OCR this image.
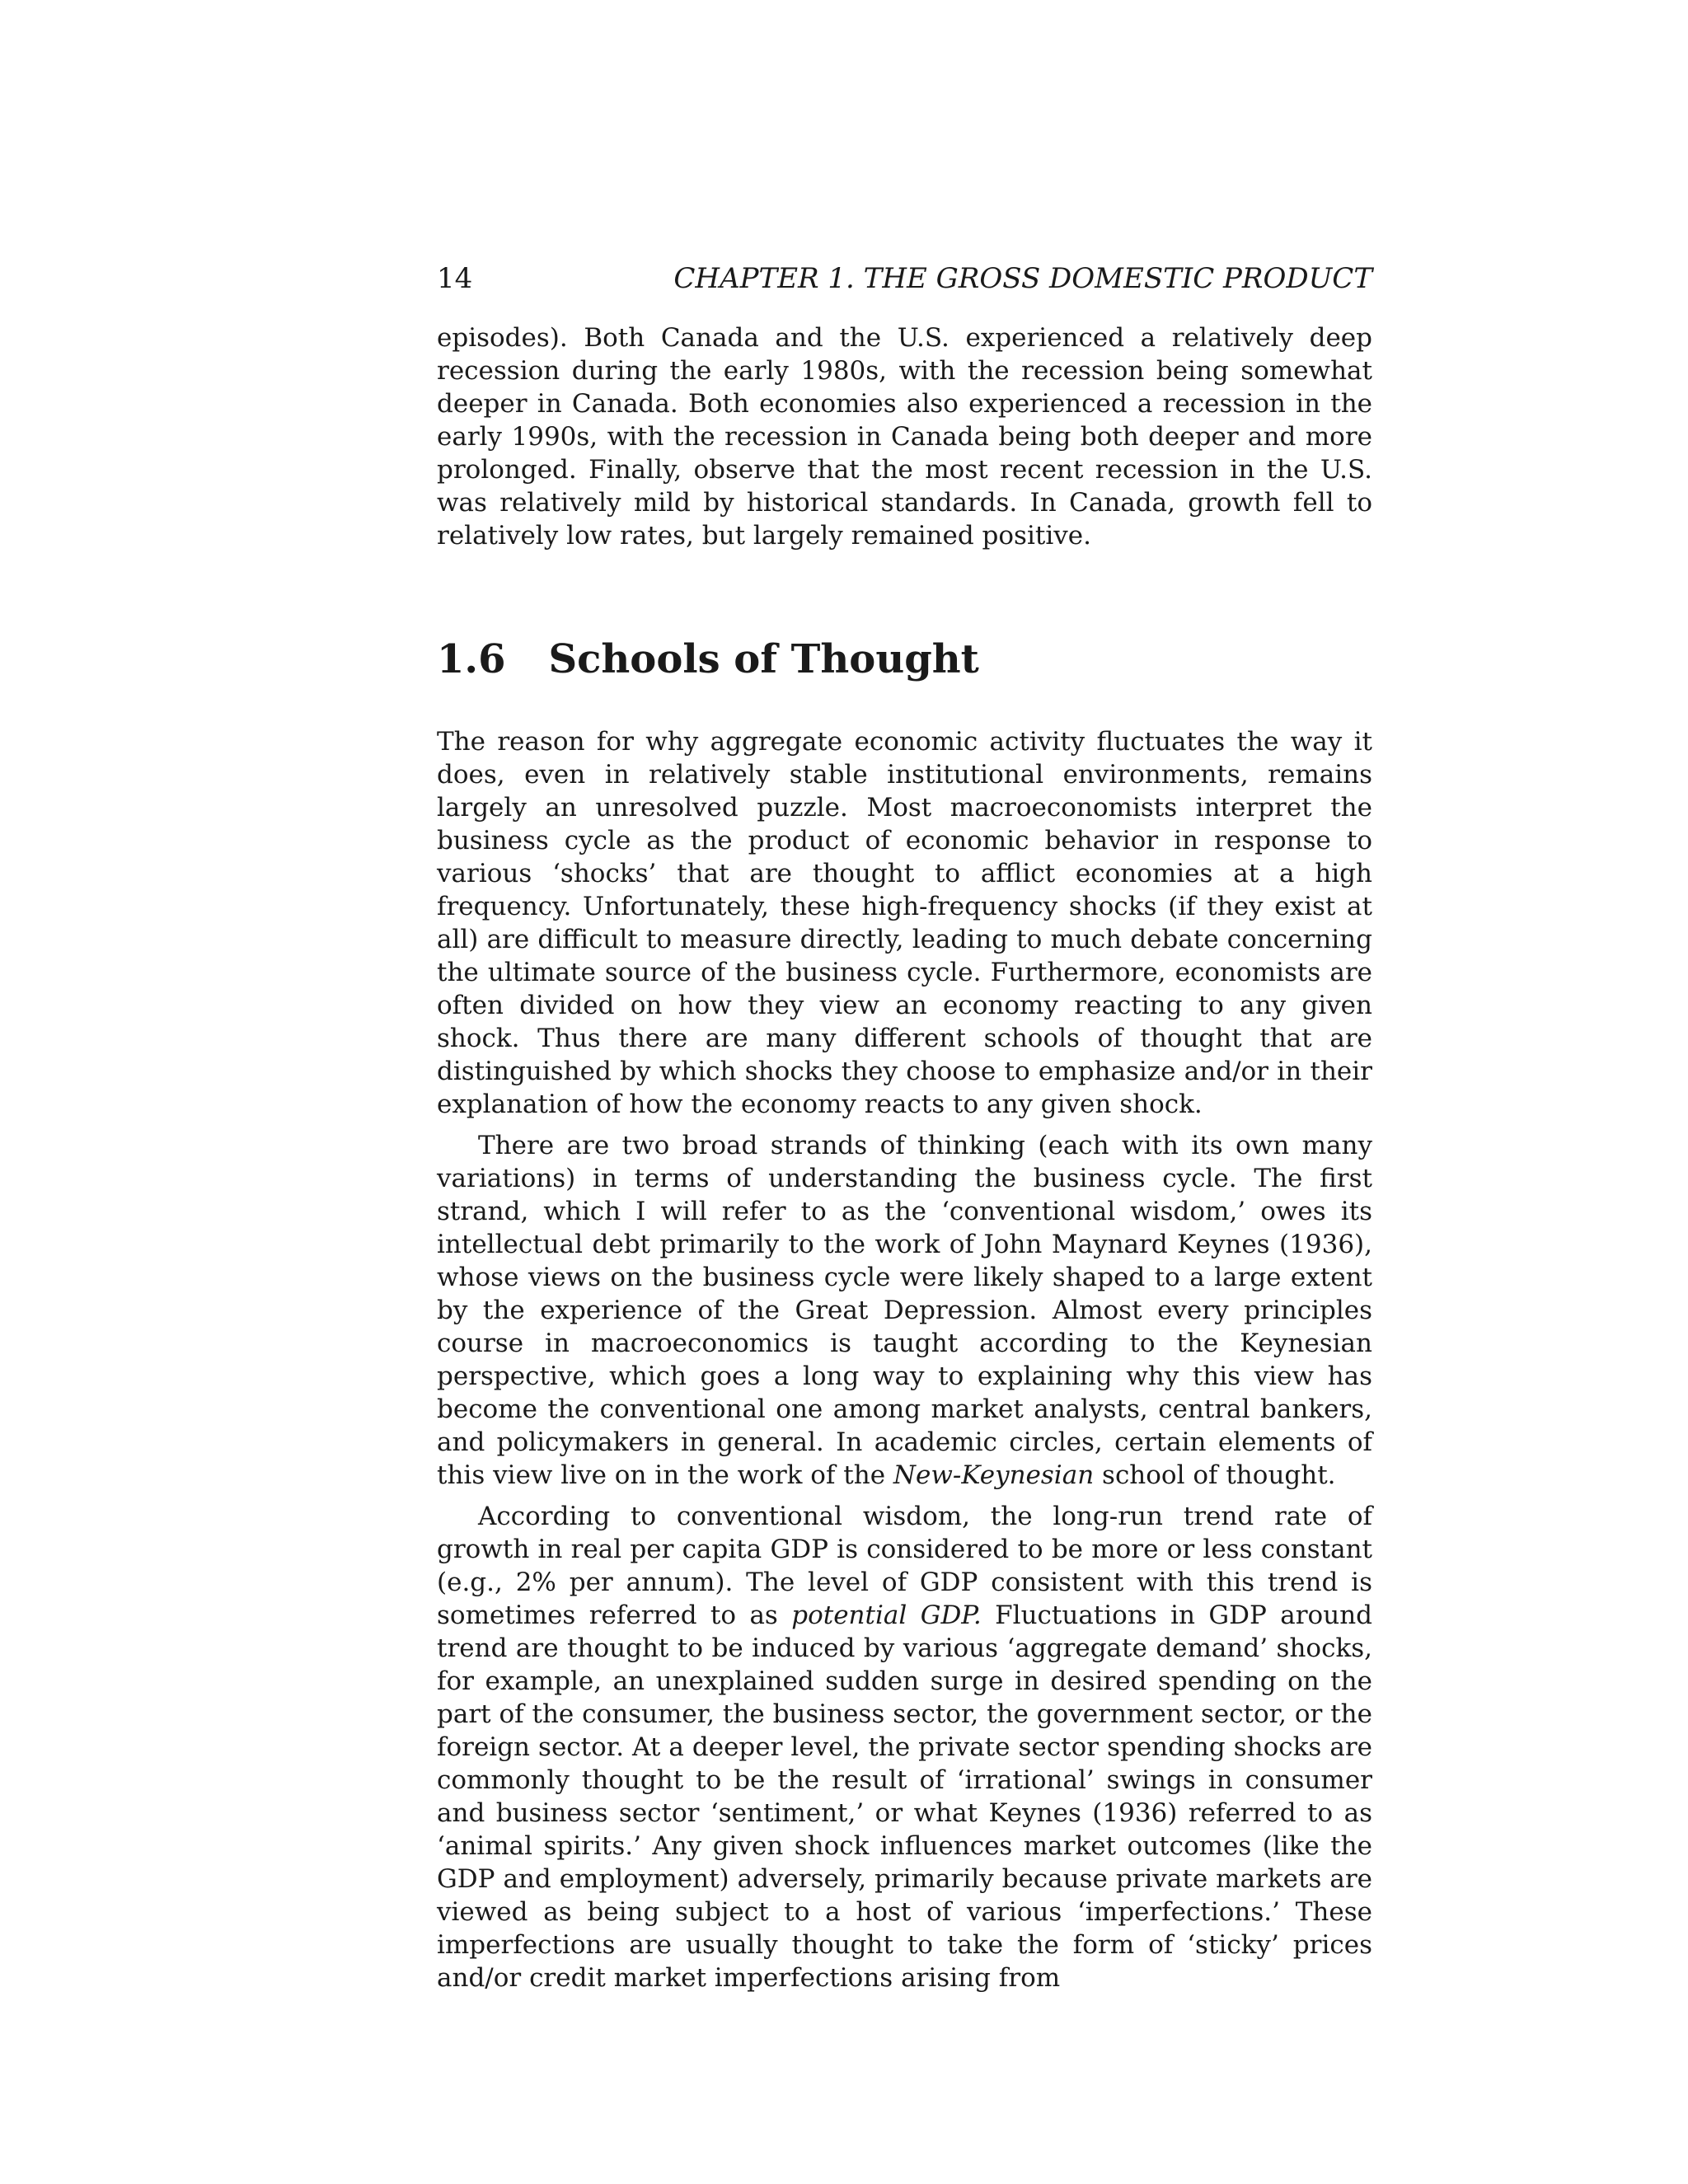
14	CHAPTER 1. THE GROSS DOMESTIC PRODUCT

episodes). Both Canada and the U.S. experienced a relatively deep recession during the early 1980s, with the recession being somewhat deeper in Canada. Both economies also experienced a recession in the early 1990s, with the recession in Canada being both deeper and more prolonged. Finally, observe that the most recent recession in the U.S. was relatively mild by historical standards. In Canada, growth fell to relatively low rates, but largely remained positive.

1.6 Schools of Thought

The reason for why aggregate economic activity fluctuates the way it does, even in relatively stable institutional environments, remains largely an unresolved puzzle. Most macroeconomists interpret the business cycle as the product of economic behavior in response to various ‘shocks’ that are thought to afflict economies at a high frequency. Unfortunately, these high-frequency shocks (if they exist at all) are difficult to measure directly, leading to much debate concerning the ultimate source of the business cycle. Furthermore, economists are often divided on how they view an economy reacting to any given shock. Thus there are many different schools of thought that are distinguished by which shocks they choose to emphasize and/or in their explanation of how the economy reacts to any given shock.

There are two broad strands of thinking (each with its own many variations) in terms of understanding the business cycle. The first strand, which I will refer to as the ‘conventional wisdom,’ owes its intellectual debt primarily to the work of John Maynard Keynes (1936), whose views on the business cycle were likely shaped to a large extent by the experience of the Great Depression. Almost every principles course in macroeconomics is taught according to the Keynesian perspective, which goes a long way to explaining why this view has become the conventional one among market analysts, central bankers, and policymakers in general. In academic circles, certain elements of this view live on in the work of the New-Keynesian school of thought.

According to conventional wisdom, the long-run trend rate of growth in real per capita GDP is considered to be more or less constant (e.g., 2% per annum). The level of GDP consistent with this trend is sometimes referred to as potential GDP. Fluctuations in GDP around trend are thought to be induced by various ‘aggregate demand’ shocks, for example, an unexplained sudden surge in desired spending on the part of the consumer, the business sector, the government sector, or the foreign sector. At a deeper level, the private sector spending shocks are commonly thought to be the result of ‘irrational’ swings in consumer and business sector ‘sentiment,’ or what Keynes (1936) referred to as ‘animal spirits.’ Any given shock influences market outcomes (like the GDP and employment) adversely, primarily because private markets are viewed as being subject to a host of various ‘imperfections.’ These imperfections are usually thought to take the form of ‘sticky’ prices and/or credit market imperfections arising from
